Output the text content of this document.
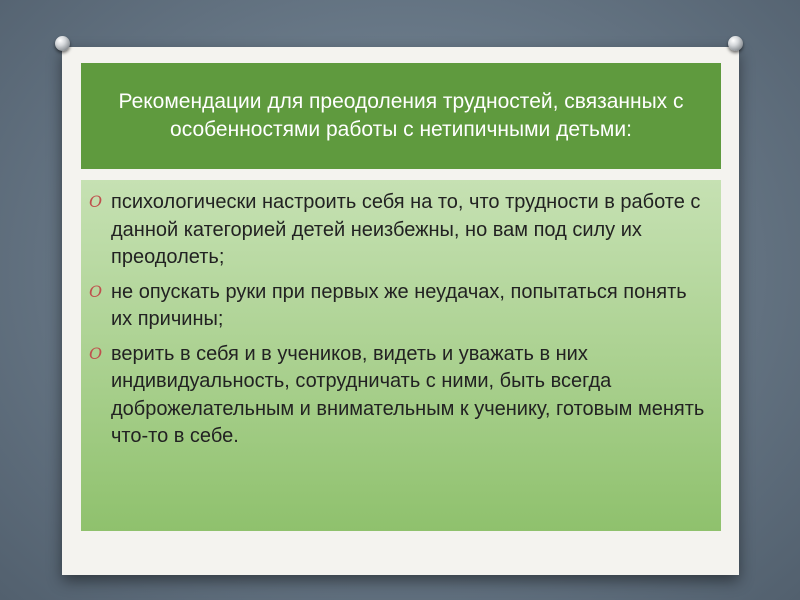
Рекомендации для преодоления трудностей, связанных с особенностями работы с нетипичными детьми:
O психологически настроить себя на то, что трудности в работе с данной категорией детей неизбежны, но вам под силу их преодолеть;
O не опускать руки при первых же неудачах, попытаться понять их причины;
O верить в себя и в учеников, видеть и уважать в них индивидуальность, сотрудничать с ними, быть всегда доброжелательным и внимательным к ученику, готовым менять что-то в себе.
